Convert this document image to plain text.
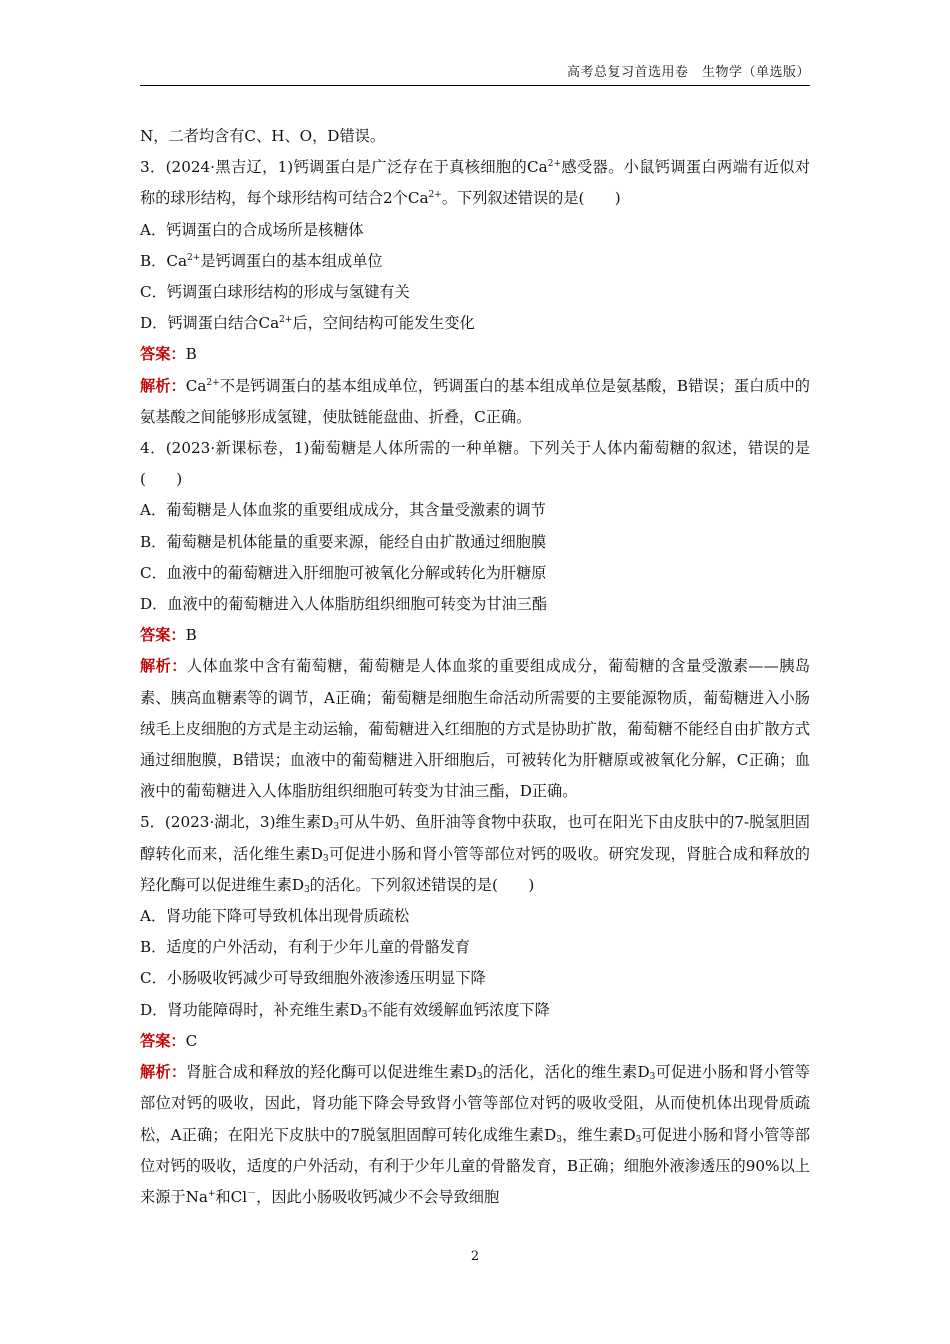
高考总复习首选用卷　生物学（单选版）

N，二者均含有C、H、O，D错误。

3．(2024·黑吉辽，1)钙调蛋白是广泛存在于真核细胞的$Ca^{2+}$感受器。小鼠钙调蛋白两端有近似对称的球形结构，每个球形结构可结合2个$Ca^{2+}$。下列叙述错误的是(　　)

A．钙调蛋白的合成场所是核糖体

B．$Ca^{2+}$是钙调蛋白的基本组成单位

C．钙调蛋白球形结构的形成与氢键有关

D．钙调蛋白结合$Ca^{2+}$后，空间结构可能发生变化

答案：B

解析：$Ca^{2+}$不是钙调蛋白的基本组成单位，钙调蛋白的基本组成单位是氨基酸，B错误；蛋白质中的氨基酸之间能够形成氢键，使肽链能盘曲、折叠，C正确。

4．(2023·新课标卷，1)葡萄糖是人体所需的一种单糖。下列关于人体内葡萄糖的叙述，错误的是(　　)

A．葡萄糖是人体血浆的重要组成成分，其含量受激素的调节

B．葡萄糖是机体能量的重要来源，能经自由扩散通过细胞膜

C．血液中的葡萄糖进入肝细胞可被氧化分解或转化为肝糖原

D．血液中的葡萄糖进入人体脂肪组织细胞可转变为甘油三酯

答案：B

解析：人体血浆中含有葡萄糖，葡萄糖是人体血浆的重要组成成分，葡萄糖的含量受激素——胰岛素、胰高血糖素等的调节，A正确；葡萄糖是细胞生命活动所需要的主要能源物质，葡萄糖进入小肠绒毛上皮细胞的方式是主动运输，葡萄糖进入红细胞的方式是协助扩散，葡萄糖不能经自由扩散方式通过细胞膜，B错误；血液中的葡萄糖进入肝细胞后，可被转化为肝糖原或被氧化分解，C正确；血液中的葡萄糖进入人体脂肪组织细胞可转变为甘油三酯，D正确。

5．(2023·湖北，3)维生素$D_3$可从牛奶、鱼肝油等食物中获取，也可在阳光下由皮肤中的7-脱氢胆固醇转化而来，活化维生素$D_3$可促进小肠和肾小管等部位对钙的吸收。研究发现，肾脏合成和释放的羟化酶可以促进维生素$D_3$的活化。下列叙述错误的是(　　)

A．肾功能下降可导致机体出现骨质疏松

B．适度的户外活动，有利于少年儿童的骨骼发育

C．小肠吸收钙减少可导致细胞外液渗透压明显下降

D．肾功能障碍时，补充维生素$D_3$不能有效缓解血钙浓度下降

答案：C

解析：肾脏合成和释放的羟化酶可以促进维生素$D_3$的活化，活化的维生素$D_3$可促进小肠和肾小管等部位对钙的吸收，因此，肾功能下降会导致肾小管等部位对钙的吸收受阻，从而使机体出现骨质疏松，A正确；在阳光下皮肤中的7脱氢胆固醇可转化成维生素$D_3$，维生素$D_3$可促进小肠和肾小管等部位对钙的吸收，适度的户外活动，有利于少年儿童的骨骼发育，B正确；细胞外液渗透压的90%以上来源于Na+和Cl－，因此小肠吸收钙减少不会导致细胞

2
